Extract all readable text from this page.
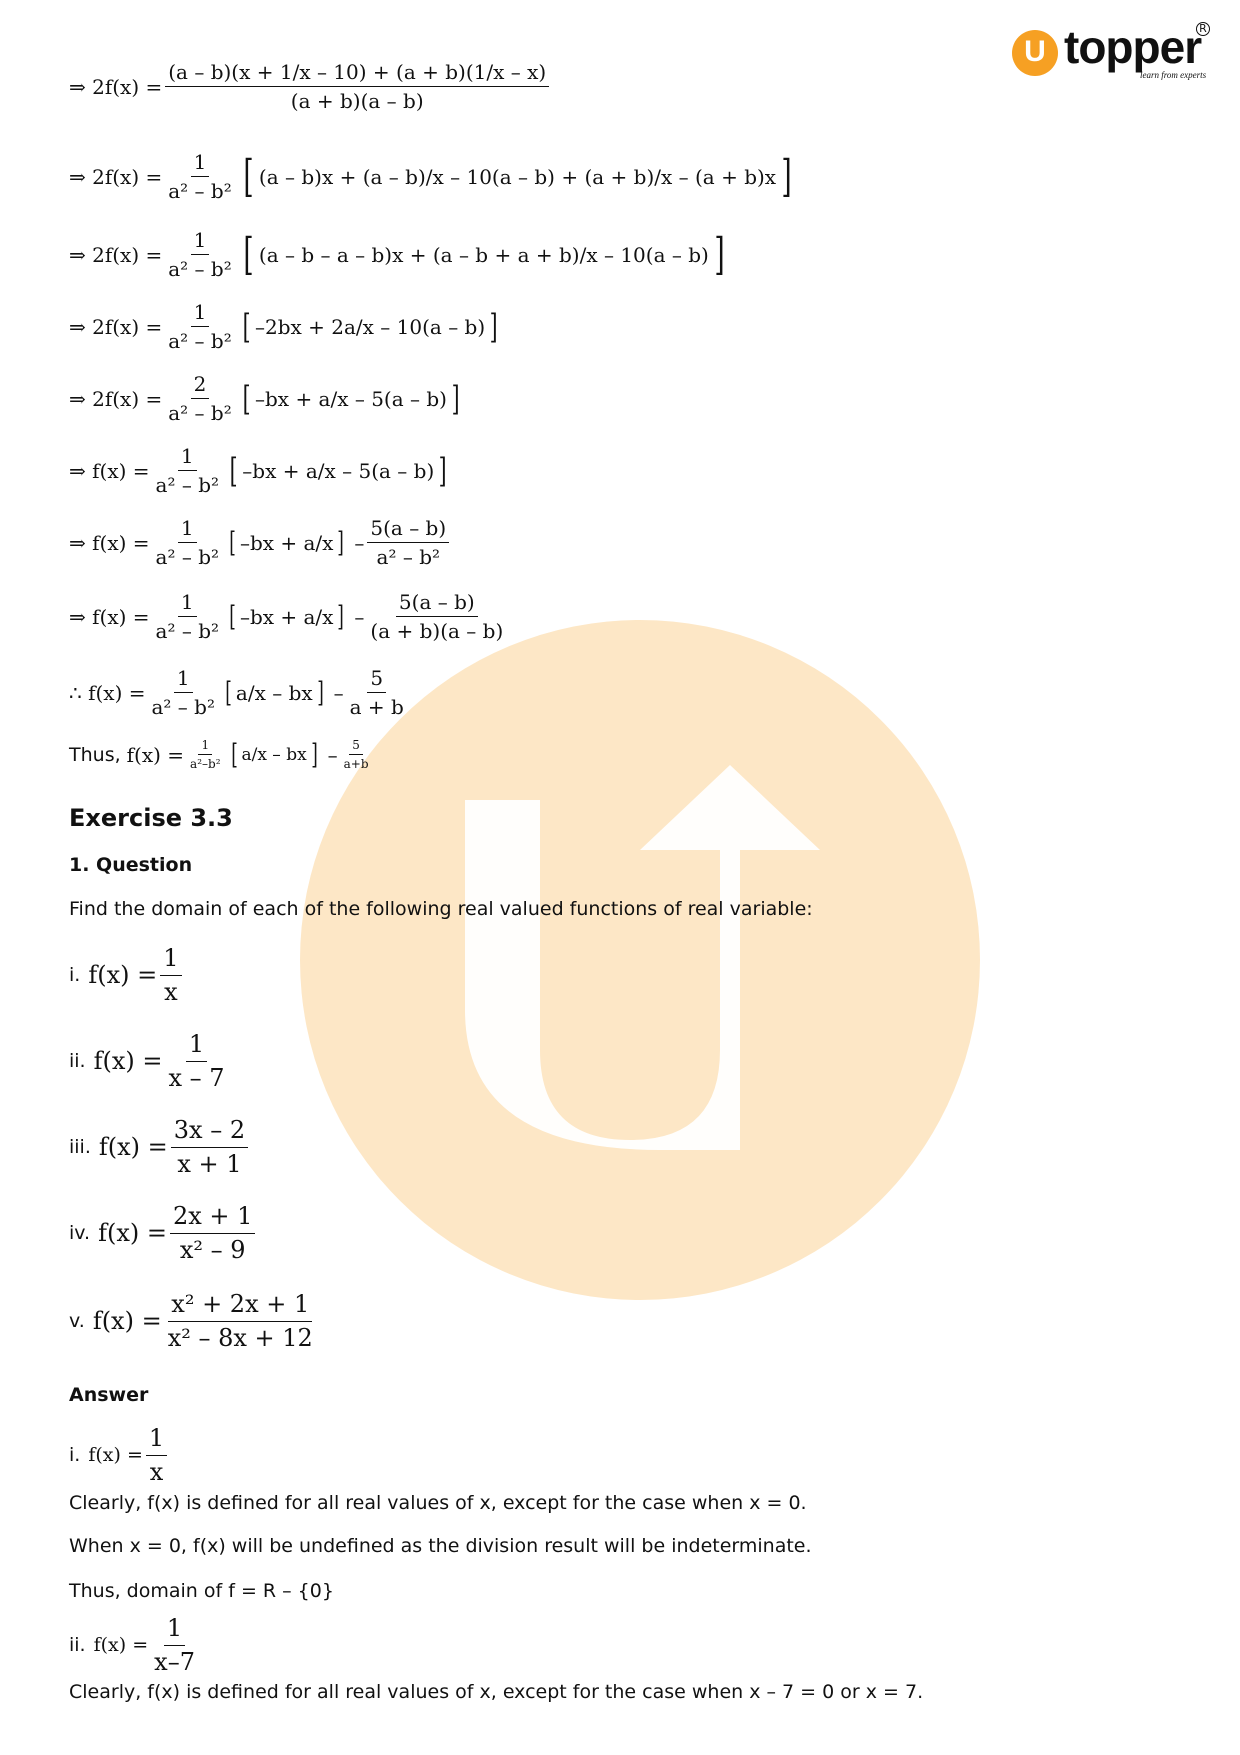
U topper
R
learn from experts
⇒ $2f(x) = \frac{(a - b)(x + 1/x - 10) + (a + b)(1/x - x)}{(a + b)(a - b)}$
⇒ $2f(x) = \frac{1}{\text{a² – b²}}$ [ (a – b)x + (a – b)/x – 10(a – b) + (a + b)/x – (a + b)x ]
⇒ $2f(x) = \frac{1}{\text{a² – b²}}$ [ (a – b – a – b)x + (a – b + a + b)/x – 10(a – b) ]
⇒ $2f(x) = \frac{1}{\text{a² – b²}}$ [ –2bx + 2a/x – 10(a – b) ]
⇒ $2f(x) = \frac{2}{\text{a² – b²}}$ [ –bx + a/x – 5(a – b) ]
⇒ $f(x) = \frac{1}{\text{a² – b²}}$ [ –bx + a/x – 5(a – b) ]
⇒ $f(x) = \frac{1}{\text{a² – b²}}$ [ –bx + a/x ] – $\frac{5(a - b)}{\text{a² – b²}}$
⇒ $f(x) = \frac{1}{\text{a² – b²}}$ [ –bx + a/x ] – $\frac{5(a - b)}{(a + b)(a - b)}$
∴ $f(x) = \frac{1}{\text{a² – b²}}$ [ a/x – bx ] – $\frac{5}{a + b}$
Thus, $f(x) = \frac{1}{\text{a²–b²}}$ [ a/x – bx ] – $\frac{5}{a+b}$
Exercise 3.3
1. Question
Find the domain of each of the following real valued functions of real variable:
i. $f(x) = \frac{1}{x}$
ii. $f(x) = \frac{1}{x - 7}$
iii. $f(x) = \frac{3x - 2}{x + 1}$
iv. $f(x) = \frac{2x + 1}{\text{x² – 9}}$
v. $f(x) = \frac{\text{x² + 2x + 1}}{\text{x² – 8x + 12}}$
Answer
i. $f(x) = \frac{1}{x}$
Clearly, f(x) is defined for all real values of x, except for the case when x = 0.
When x = 0, f(x) will be undefined as the division result will be indeterminate.
Thus, domain of f = R – {0}
ii. $f(x) = \frac{1}{x-7}$
Clearly, f(x) is defined for all real values of x, except for the case when x – 7 = 0 or x = 7.
